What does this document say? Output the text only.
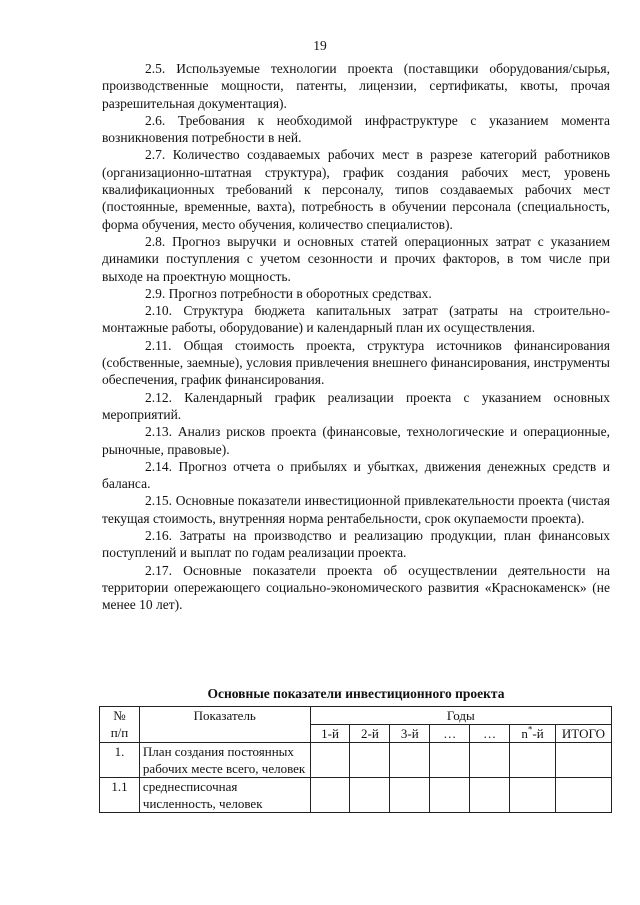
19

2.5. Используемые технологии проекта (поставщики оборудования/сырья, производственные мощности, патенты, лицензии, сертификаты, квоты, прочая разрешительная документация).

2.6. Требования к необходимой инфраструктуре с указанием момента возникновения потребности в ней.

2.7. Количество создаваемых рабочих мест в разрезе категорий работников (организационно-штатная структура), график создания рабочих мест, уровень квалификационных требований к персоналу, типов создаваемых рабочих мест (постоянные, временные, вахта), потребность в обучении персонала (специальность, форма обучения, место обучения, количество специалистов).

2.8. Прогноз выручки и основных статей операционных затрат с указанием динамики поступления с учетом сезонности и прочих факторов, в том числе при выходе на проектную мощность.

2.9. Прогноз потребности в оборотных средствах.

2.10. Структура бюджета капитальных затрат (затраты на строительно-монтажные работы, оборудование) и календарный план их осуществления.

2.11. Общая стоимость проекта, структура источников финансирования (собственные, заемные), условия привлечения внешнего финансирования, инструменты обеспечения, график финансирования.

2.12. Календарный график реализации проекта с указанием основных мероприятий.

2.13. Анализ рисков проекта (финансовые, технологические и операционные, рыночные, правовые).

2.14. Прогноз отчета о прибылях и убытках, движения денежных средств и баланса.

2.15. Основные показатели инвестиционной привлекательности проекта (чистая текущая стоимость, внутренняя норма рентабельности, срок окупаемости проекта).

2.16. Затраты на производство и реализацию продукции, план финансовых поступлений и выплат по годам реализации проекта.

2.17. Основные показатели проекта об осуществлении деятельности на территории опережающего социально-экономического развития «Краснокаменск» (не менее 10 лет).

Основные показатели инвестиционного проекта
№
п/п	Показатель	Годы						
		1-й	2-й	3-й	…	…	n*-й	ИТОГО
1.	План создания постоянных рабочих месте всего, человек							
1.1	среднесписочная численность, человек							
